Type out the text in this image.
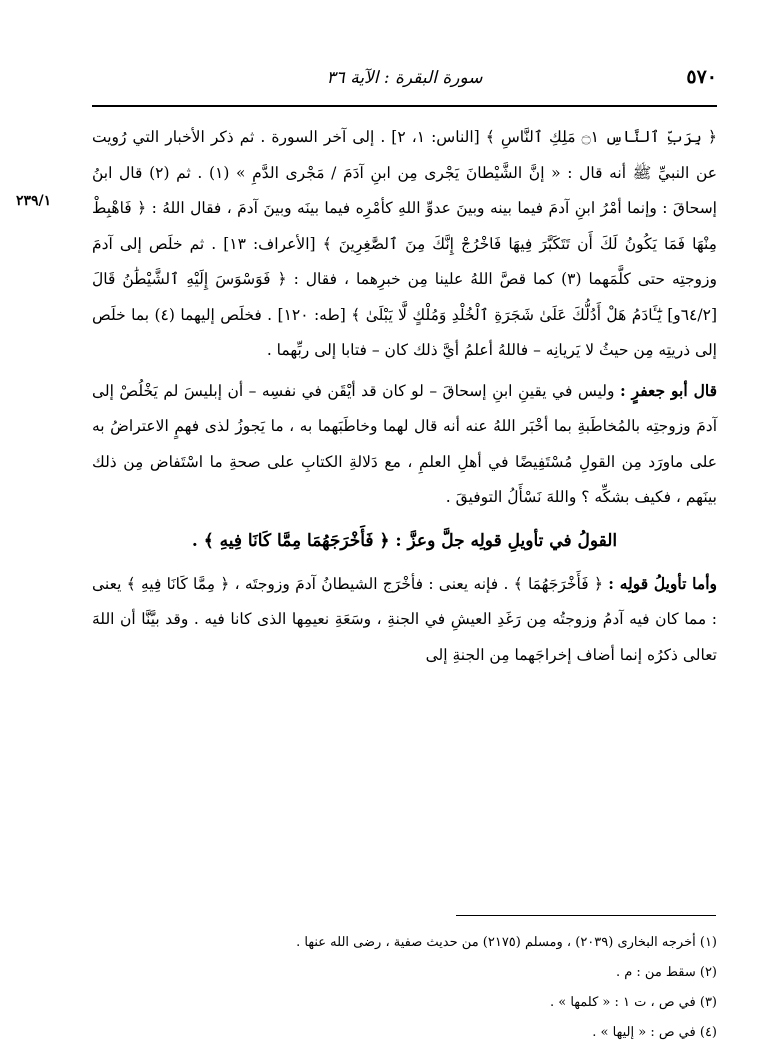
٥٧٠
سورة البقرة : الآية ٣٦
٢٣٩/١

﴿ بِرَبِّ ٱلنَّاسِ ۝١ مَلِكِ ٱلنَّاسِ ﴾ [الناس: ١، ٢] . إلى آخر السورة . ثم ذكر الأخبار التي رُويت عن النبيِّ ﷺ أنه قال : « إنَّ الشَّيْطانَ يَجْرى مِن ابنِ آدَمَ / مَجْرى الدَّمِ » (١) . ثم (٢) قال ابنُ إسحاقَ : وإنما أمْرُ ابنِ آدمَ فيما بينه وبينَ عدوِّ اللهِ كأمْرِه فيما بينَه وبينَ آدمَ ، فقال اللهُ : ﴿ فَاهْبِطْ مِنْهَا فَمَا يَكُونُ لَكَ أَن تَتَكَبَّرَ فِيهَا فَاخْرُجْ إِنَّكَ مِنَ ٱلصَّٰغِرِينَ ﴾ [الأعراف: ١٣] . ثم خلَص إلى آدمَ وزوجتِه حتى كلَّمَهما (٣) كما قصَّ اللهُ علينا مِن خبرِهما ، فقال : ﴿ فَوَسْوَسَ إِلَيْهِ ٱلشَّيْطَٰنُ قَالَ [٦٤/٢و] يَٰٓـَٔادَمُ هَلْ أَدُلُّكَ عَلَىٰ شَجَرَةِ ٱلْخُلْدِ وَمُلْكٍ لَّا يَبْلَىٰ ﴾ [طه: ١٢٠] . فخلَص إليهما (٤) بما خلَص إلى ذريتِه مِن حيثُ لا يَريانِه – فاللهُ أعلمُ أيَّ ذلك كان – فتابا إلى ربِّهما .

قال أبو جعفرٍ : وليس في يقينِ ابنِ إسحاقَ – لو كان قد أيْقَن في نفسِه – أن إبليسَ لم يَخْلُصْ إلى آدمَ وزوجتِه بالمُخاطَبةِ بما أخْبَر اللهُ عنه أنه قال لهما وخاطَبَهما به ، ما يَجوزُ لذى فهمٍ الاعتراضُ به على ماورَد مِن القولِ مُسْتَفِيضًا في أهلِ العلمِ ، مع دَلالةِ الكتابِ على صحةِ ما اسْتَفاض مِن ذلك بينَهم ، فكيف بشكِّه ؟ واللهَ نَسْأَلُ التوفيقَ .

القولُ في تأويلِ قولِه جلَّ وعزَّ : ﴿ فَأَخْرَجَهُمَا مِمَّا كَانَا فِيهِ ﴾ .

وأما تأويلُ قولِه : ﴿ فَأَخْرَجَهُمَا ﴾ . فإنه يعنى : فأخْرَج الشيطانُ آدمَ وزوجتَه ، ﴿ مِمَّا كَانَا فِيهِ ﴾ يعنى : مما كان فيه آدمُ وزوجتُه مِن رَغَدِ العيشِ في الجنةِ ، وسَعَةِ نعيمِها الذى كانا فيه . وقد بيَّنَّا أن اللهَ تعالى ذكرُه إنما أضاف إخراجَهما مِن الجنةِ إلى

(١) أخرجه البخارى (٢٠٣٩) ، ومسلم (٢١٧٥) من حديث صفية ، رضى الله عنها .

(٢) سقط من : م .

(٣) في ص ، ت ١ : « كلمها » .

(٤) في ص : « إليها » .
